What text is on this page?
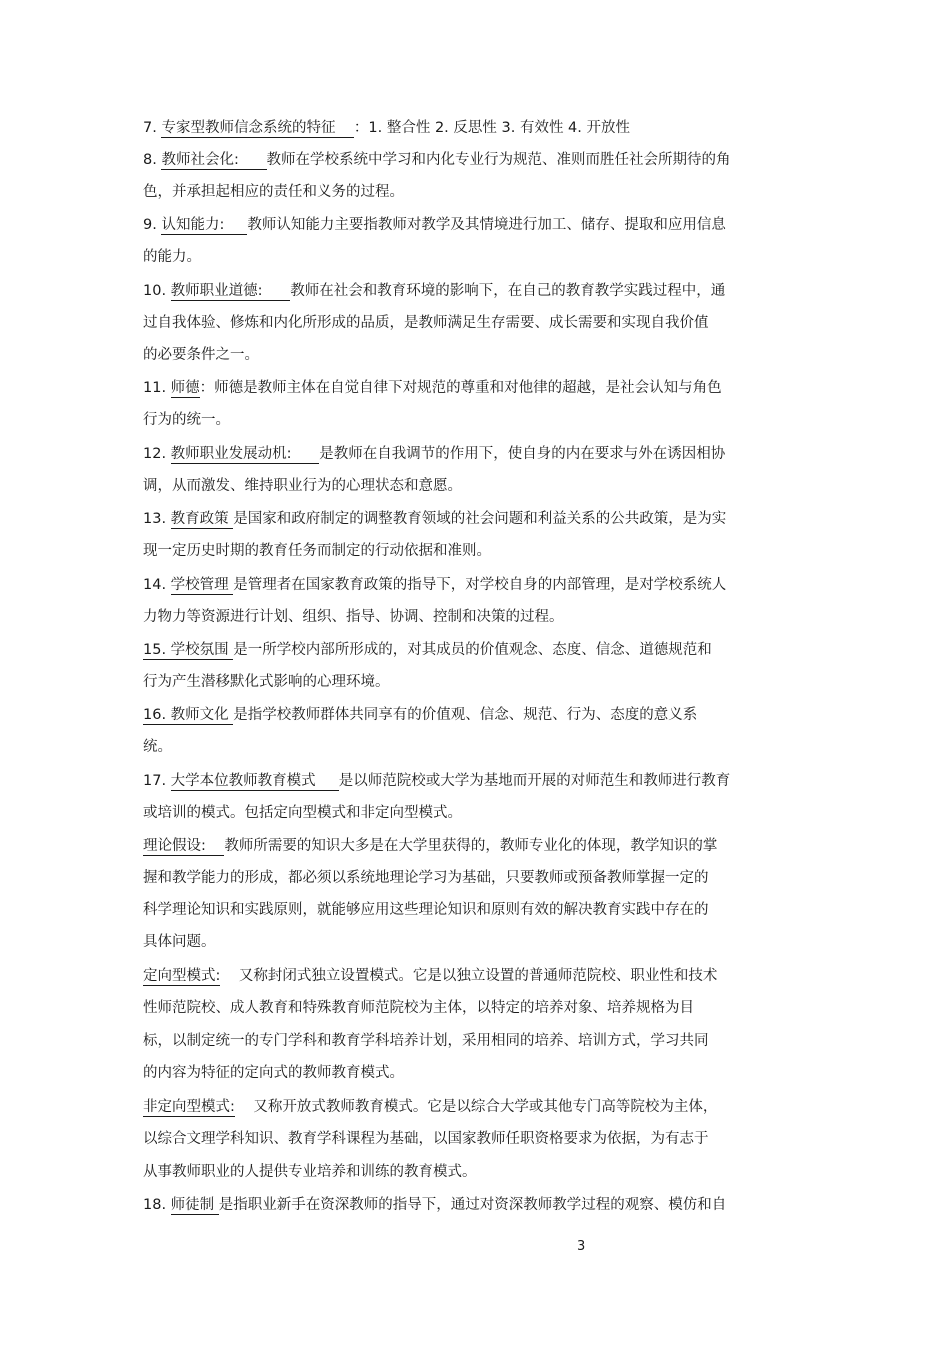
7. 专家型教师信念系统的特征 ：1. 整合性 2. 反思性 3. 有效性 4. 开放性
8. 教师社会化: 教师在学校系统中学习和内化专业行为规范、准则而胜任社会所期待的角
色，并承担起相应的责任和义务的过程。
9. 认知能力: 教师认知能力主要指教师对教学及其情境进行加工、储存、提取和应用信息
的能力。
10. 教师职业道德: 教师在社会和教育环境的影响下，在自己的教育教学实践过程中，通
过自我体验、修炼和内化所形成的品质，是教师满足生存需要、成长需要和实现自我价值
的必要条件之一。
11. 师德：师德是教师主体在自觉自律下对规范的尊重和对他律的超越，是社会认知与角色
行为的统一。
12. 教师职业发展动机: 是教师在自我调节的作用下，使自身的内在要求与外在诱因相协
调，从而激发、维持职业行为的心理状态和意愿。
13. 教育政策 是国家和政府制定的调整教育领域的社会问题和利益关系的公共政策，是为实
现一定历史时期的教育任务而制定的行动依据和准则。
14. 学校管理 是管理者在国家教育政策的指导下，对学校自身的内部管理，是对学校系统人
力物力等资源进行计划、组织、指导、协调、控制和决策的过程。
15. 学校氛围 是一所学校内部所形成的，对其成员的价值观念、态度、信念、道德规范和
行为产生潜移默化式影响的心理环境。
16. 教师文化 是指学校教师群体共同享有的价值观、信念、规范、行为、态度的意义系
统。
17. 大学本位教师教育模式 是以师范院校或大学为基地而开展的对师范生和教师进行教育
或培训的模式。包括定向型模式和非定向型模式。
理论假设: 教师所需要的知识大多是在大学里获得的，教师专业化的体现，教学知识的掌
握和教学能力的形成，都必须以系统地理论学习为基础，只要教师或预备教师掌握一定的
科学理论知识和实践原则，就能够应用这些理论知识和原则有效的解决教育实践中存在的
具体问题。
定向型模式:    又称封闭式独立设置模式。它是以独立设置的普通师范院校、职业性和技术
性师范院校、成人教育和特殊教育师范院校为主体，以特定的培养对象、培养规格为目
标，以制定统一的专门学科和教育学科培养计划，采用相同的培养、培训方式，学习共同
的内容为特征的定向式的教师教育模式。
非定向型模式:    又称开放式教师教育模式。它是以综合大学或其他专门高等院校为主体，
以综合文理学科知识、教育学科课程为基础，以国家教师任职资格要求为依据，为有志于
从事教师职业的人提供专业培养和训练的教育模式。
18. 师徒制 是指职业新手在资深教师的指导下，通过对资深教师教学过程的观察、模仿和自
3
